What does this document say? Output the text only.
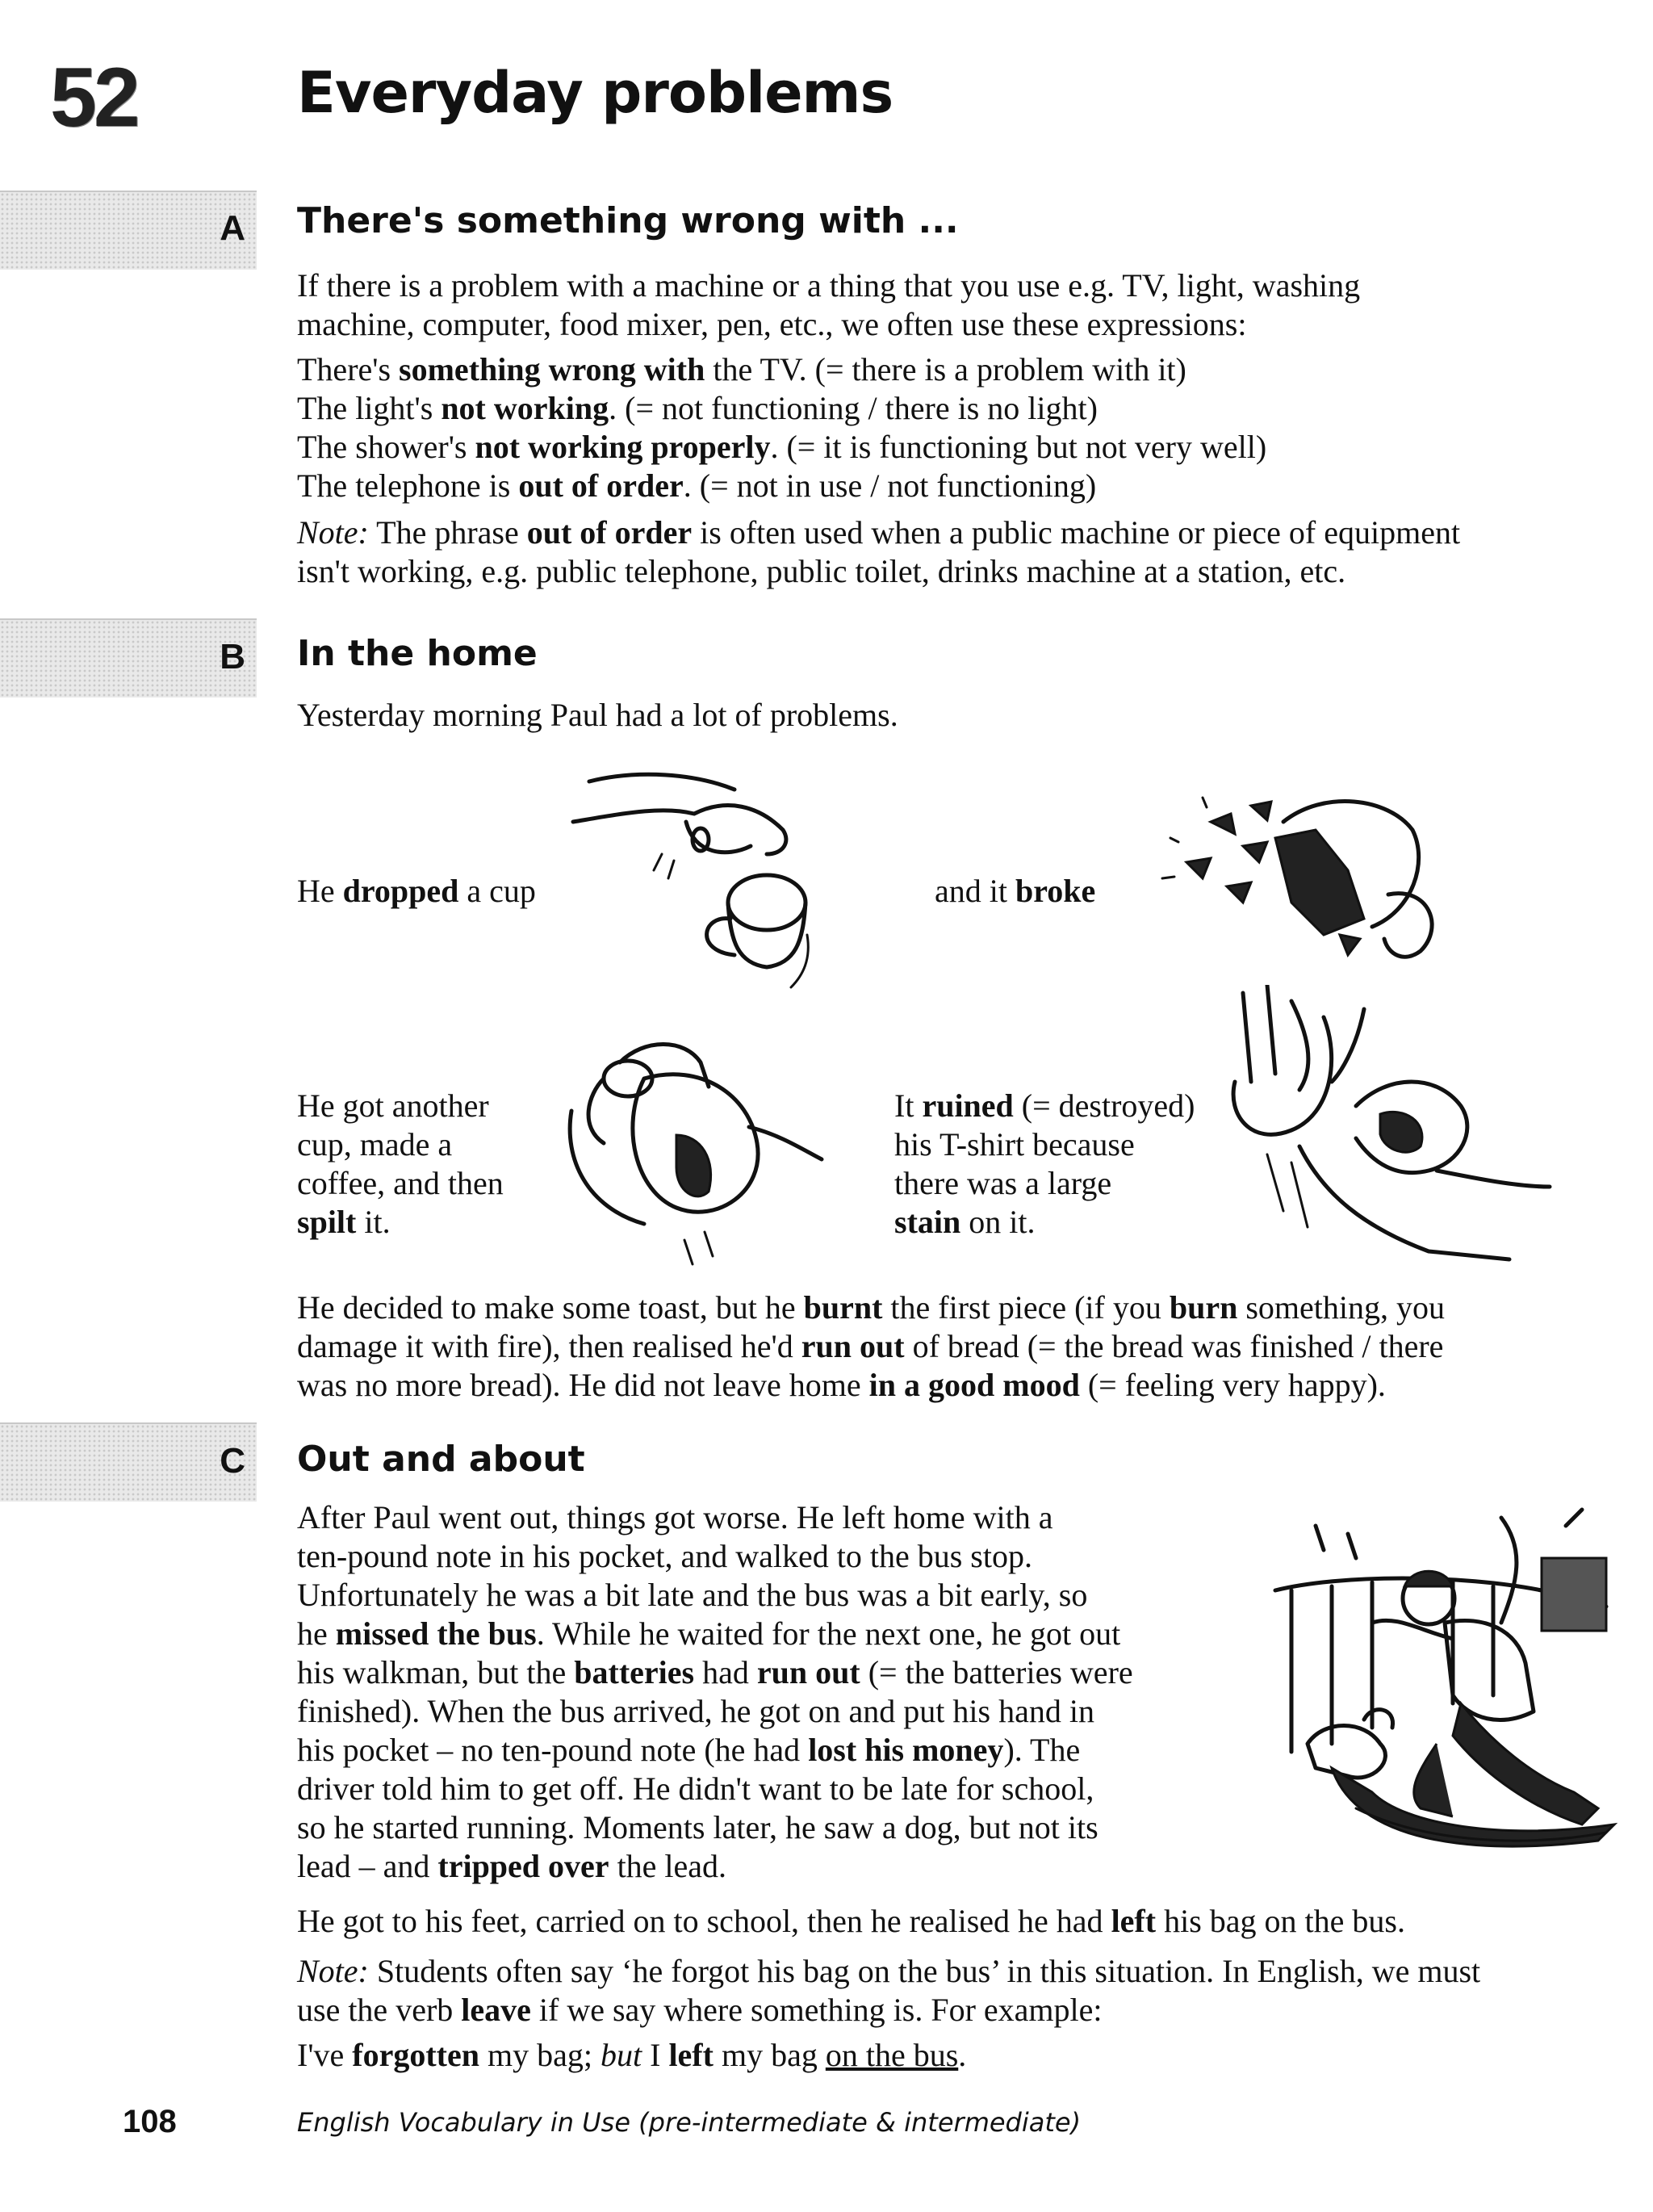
52	Everyday problems
A	There's something wrong with ...
If there is a problem with a machine or a thing that you use e.g. TV, light, washing
machine, computer, food mixer, pen, etc., we often use these expressions:
There's something wrong with the TV. (= there is a problem with it)
The light's not working. (= not functioning / there is no light)
The shower's not working properly. (= it is functioning but not very well)
The telephone is out of order. (= not in use / not functioning)
Note: The phrase out of order is often used when a public machine or piece of equipment
isn't working, e.g. public telephone, public toilet, drinks machine at a station, etc.
B	In the home
Yesterday morning Paul had a lot of problems.
He dropped a cup	and it broke
He got another
cup, made a
coffee, and then
spilt it.
It ruined (= destroyed)
his T-shirt because
there was a large
stain on it.
He decided to make some toast, but he burnt the first piece (if you burn something, you
damage it with fire), then realised he'd run out of bread (= the bread was finished / there
was no more bread). He did not leave home in a good mood (= feeling very happy).
C	Out and about
After Paul went out, things got worse. He left home with a
ten-pound note in his pocket, and walked to the bus stop.
Unfortunately he was a bit late and the bus was a bit early, so
he missed the bus. While he waited for the next one, he got out
his walkman, but the batteries had run out (= the batteries were
finished). When the bus arrived, he got on and put his hand in
his pocket – no ten-pound note (he had lost his money). The
driver told him to get off. He didn't want to be late for school,
so he started running. Moments later, he saw a dog, but not its
lead – and tripped over the lead.
He got to his feet, carried on to school, then he realised he had left his bag on the bus.
Note: Students often say ‘he forgot his bag on the bus’ in this situation. In English, we must
use the verb leave if we say where something is. For example:
I've forgotten my bag; but I left my bag on the bus.
108	English Vocabulary in Use (pre-intermediate & intermediate)
